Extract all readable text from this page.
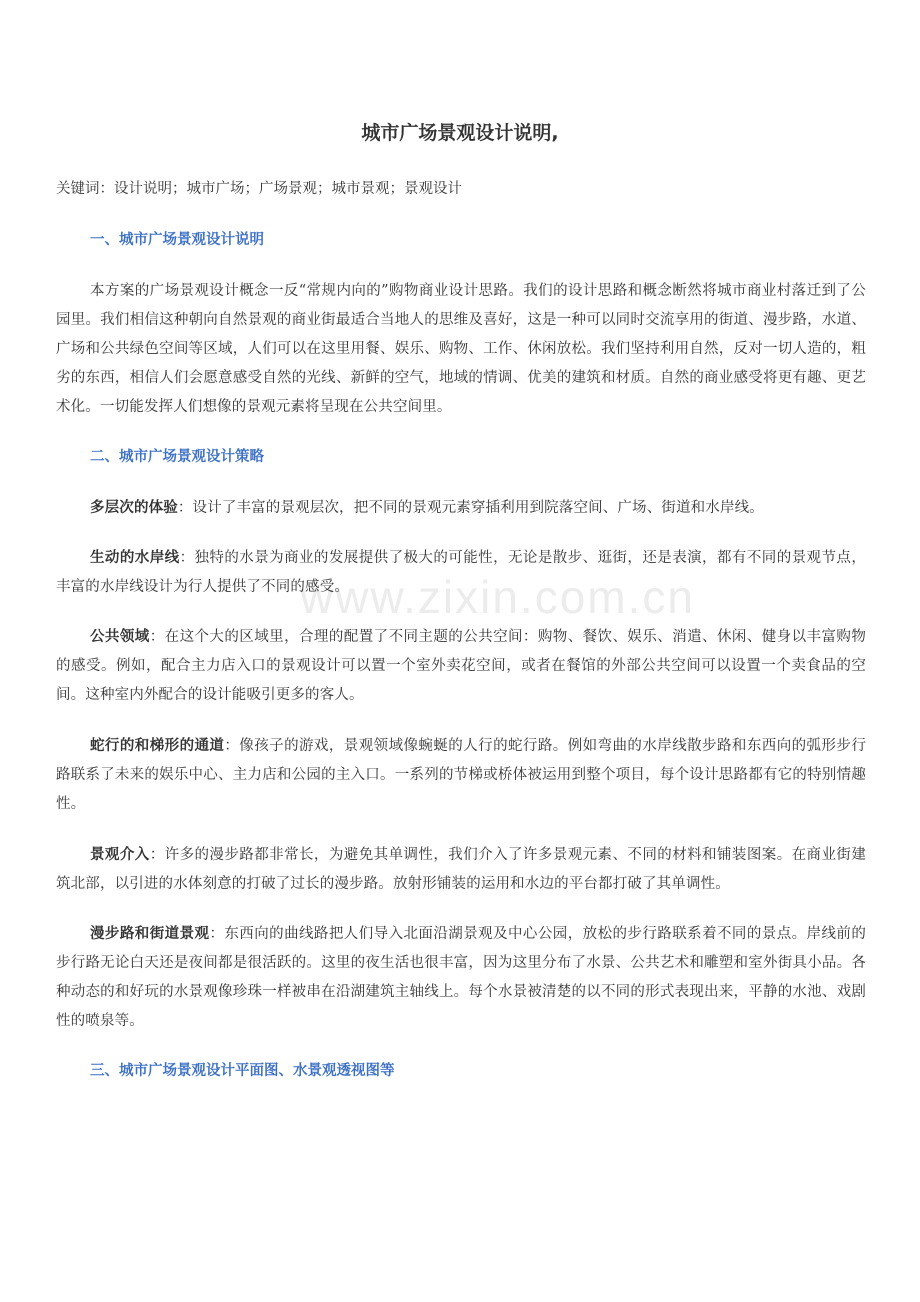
www.zixin.com.cn
城市广场景观设计说明,

关键词：设计说明；城市广场；广场景观；城市景观；景观设计

一、城市广场景观设计说明

本方案的广场景观设计概念一反“常规内向的”购物商业设计思路。我们的设计思路和概念断然将城市商业村落迁到了公园里。我们相信这种朝向自然景观的商业街最适合当地人的思维及喜好，这是一种可以同时交流享用的街道、漫步路，水道、广场和公共绿色空间等区域，人们可以在这里用餐、娱乐、购物、工作、休闲放松。我们坚持利用自然，反对一切人造的，粗劣的东西，相信人们会愿意感受自然的光线、新鲜的空气，地域的情调、优美的建筑和材质。自然的商业感受将更有趣、更艺术化。一切能发挥人们想像的景观元素将呈现在公共空间里。

二、城市广场景观设计策略

多层次的体验：设计了丰富的景观层次，把不同的景观元素穿插利用到院落空间、广场、街道和水岸线。

生动的水岸线：独特的水景为商业的发展提供了极大的可能性，无论是散步、逛街，还是表演，都有不同的景观节点，丰富的水岸线设计为行人提供了不同的感受。

公共领域：在这个大的区域里，合理的配置了不同主题的公共空间：购物、餐饮、娱乐、消遣、休闲、健身以丰富购物的感受。例如，配合主力店入口的景观设计可以置一个室外卖花空间，或者在餐馆的外部公共空间可以设置一个卖食品的空间。这种室内外配合的设计能吸引更多的客人。

蛇行的和梯形的通道：像孩子的游戏，景观领域像蜿蜒的人行的蛇行路。例如弯曲的水岸线散步路和东西向的弧形步行路联系了未来的娱乐中心、主力店和公园的主入口。一系列的节梯或桥体被运用到整个项目，每个设计思路都有它的特别情趣性。

景观介入：许多的漫步路都非常长，为避免其单调性，我们介入了许多景观元素、不同的材料和铺装图案。在商业街建筑北部，以引进的水体刻意的打破了过长的漫步路。放射形铺装的运用和水边的平台都打破了其单调性。

漫步路和街道景观：东西向的曲线路把人们导入北面沿湖景观及中心公园，放松的步行路联系着不同的景点。岸线前的步行路无论白天还是夜间都是很活跃的。这里的夜生活也很丰富，因为这里分布了水景、公共艺术和雕塑和室外街具小品。各种动态的和好玩的水景观像珍珠一样被串在沿湖建筑主轴线上。每个水景被清楚的以不同的形式表现出来，平静的水池、戏剧性的喷泉等。

三、城市广场景观设计平面图、水景观透视图等
